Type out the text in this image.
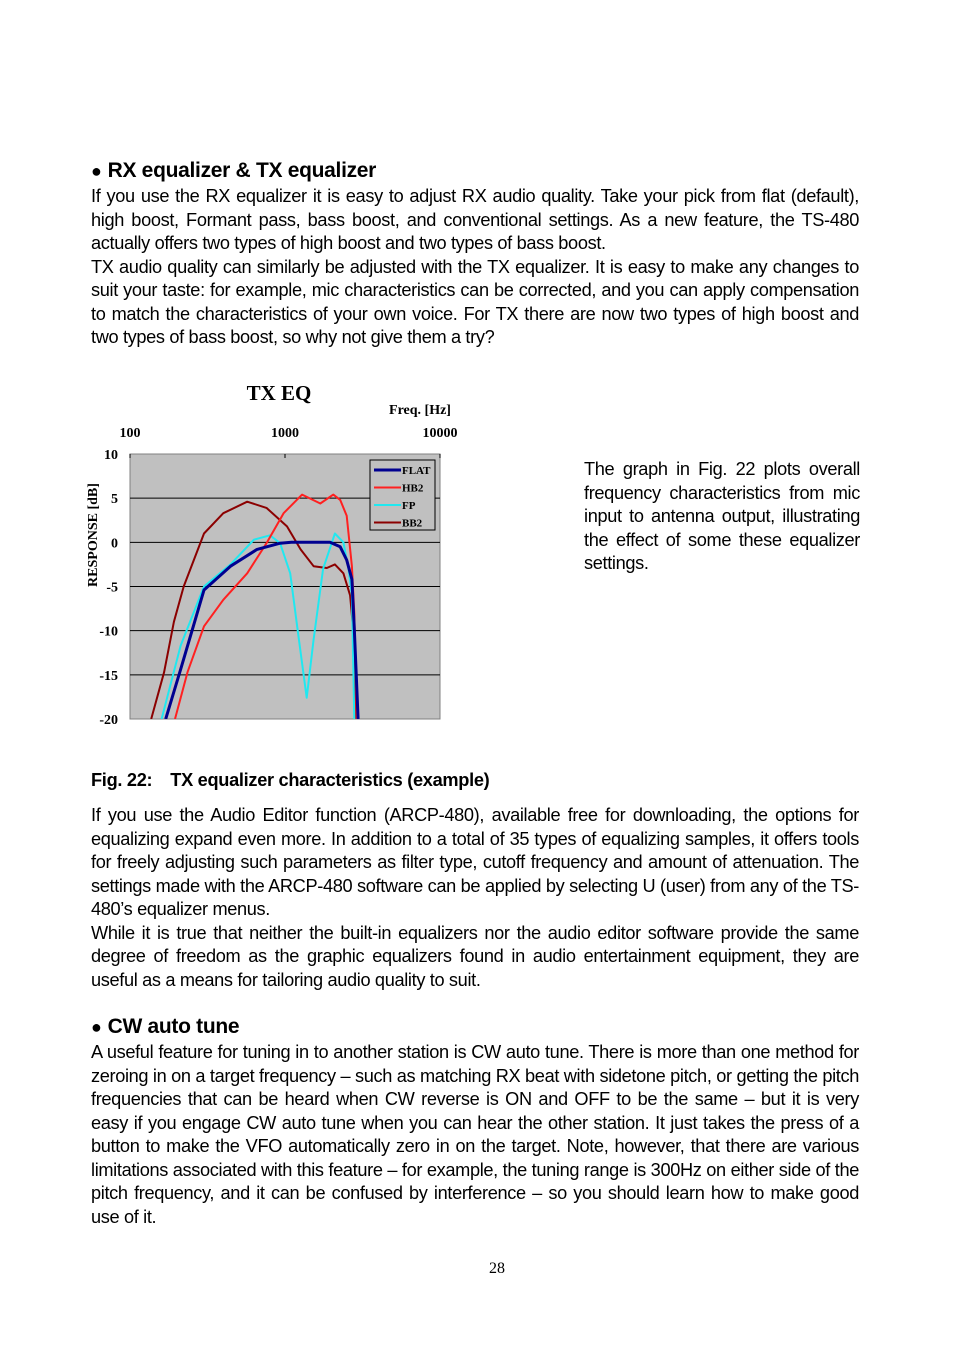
● RX equalizer & TX equalizer

If you use the RX equalizer it is easy to adjust RX audio quality. Take your pick from flat (default), high boost, Formant pass, bass boost, and conventional settings. As a new feature, the TS-480 actually offers two types of high boost and two types of bass boost.

TX audio quality can similarly be adjusted with the TX equalizer. It is easy to make any changes to suit your taste: for example, mic characteristics can be corrected, and you can apply compensation to match the characteristics of your own voice. For TX there are now two types of high boost and two types of bass boost, so why not give them a try?

10
5
0
-5
-10
-15
-20
100	1000	10000
TX EQ
Freq. [Hz]
RESPONSE [dB]
FLAT
HB2
FP
BB2
The graph in Fig. 22 plots overall frequency characteristics from mic input to antenna output, illustrating the effect of some these equalizer settings.
Fig. 22: TX equalizer characteristics (example)

If you use the Audio Editor function (ARCP-480), available free for downloading, the options for equalizing expand even more. In addition to a total of 35 types of equalizing samples, it offers tools for freely adjusting such parameters as filter type, cutoff frequency and amount of attenuation. The settings made with the ARCP-480 software can be applied by selecting U (user) from any of the TS-480’s equalizer menus.

While it is true that neither the built-in equalizers nor the audio editor software provide the same degree of freedom as the graphic equalizers found in audio entertainment equipment, they are useful as a means for tailoring audio quality to suit.

● CW auto tune

A useful feature for tuning in to another station is CW auto tune. There is more than one method for zeroing in on a target frequency – such as matching RX beat with sidetone pitch, or getting the pitch frequencies that can be heard when CW reverse is ON and OFF to be the same – but it is very easy if you engage CW auto tune when you can hear the other station. It just takes the press of a button to make the VFO automatically zero in on the target. Note, however, that there are various limitations associated with this feature – for example, the tuning range is 300Hz on either side of the pitch frequency, and it can be confused by interference – so you should learn how to make good use of it.

28
